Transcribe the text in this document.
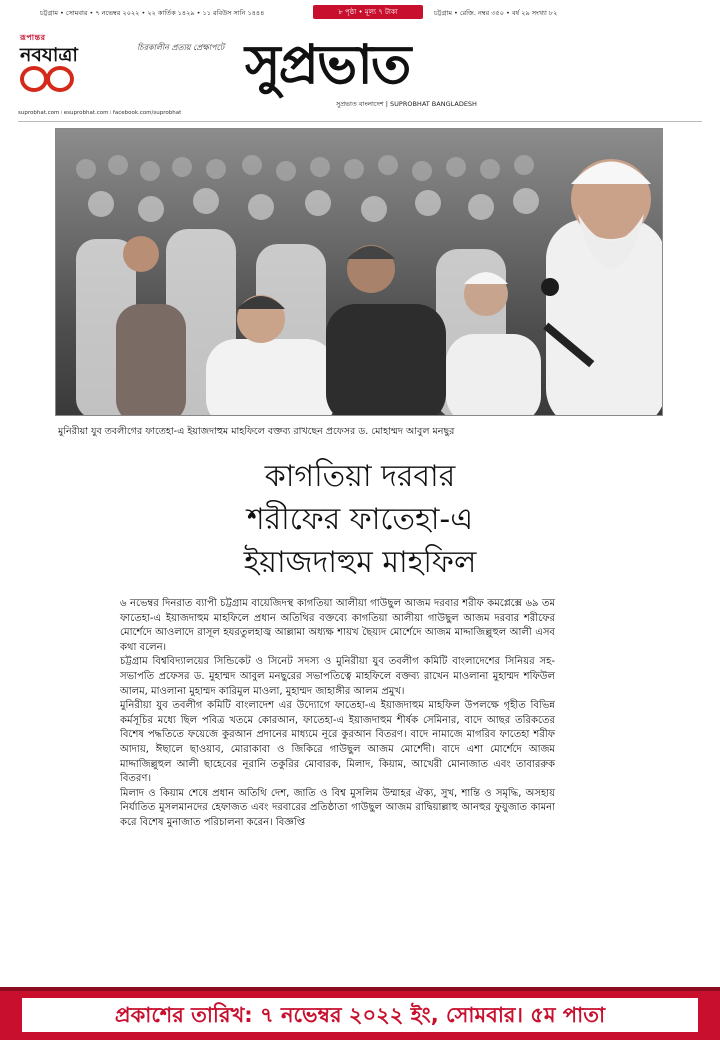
চট্টগ্রাম • সোমবার • ৭ নভেম্বর ২০২২ • ২২ কার্তিক ১৪২৯ • ১১ রবিউস সানি ১৪৪৪	৮ পৃষ্ঠা • মূল্য ৭ টাকা	চট্টগ্রাম • রেজি. নম্বর ৩৫০ • বর্ষ ২৯ সংখ্যা ৮২
রূপান্তর
নবযাত্রা	চিরকালীন প্রত্যয় প্রেক্ষাপটে
suprobhat.com ৷ esuprobhat.com ৷ facebook.com/suprobhat
সুপ্রভাত
সুপ্রভাত বাংলাদেশ | SUPROBHAT BANGLADESH
মুনিরীয়া যুব তবলীগের ফাতেহা-এ ইয়াজদাহুম মাহফিলে বক্তব্য রাখছেন প্রফেসর ড. মোহাম্মদ আবুল মনছুর
কাগতিয়া দরবার
শরীফের ফাতেহা-এ
ইয়াজদাহুম মাহফিল

৬ নভেম্বর দিনরাত ব্যাপী চট্টগ্রাম বায়েজিদস্থ কাগতিয়া আলীয়া গাউছুল আজম দরবার শরীফ কমপ্লেক্সে ৬৯ তম ফাতেহা-এ ইয়াজদাহুম মাহফিলে প্রধান অতিথির বক্তব্যে কাগতিয়া আলীয়া গাউছুল আজম দরবার শরীফের মোর্শেদে আওলাদে রাসূল হযরতুলহাজ্ব আল্লামা অধ্যক্ষ শায়খ ছৈয়্যদ মোর্শেদে আজম মাদ্দাজিল্লুহুল আলী এসব কথা বলেন।

চট্টগ্রাম বিশ্ববিদ্যালয়ের সিন্ডিকেট ও সিনেট সদস্য ও মুনিরীয়া যুব তবলীগ কমিটি বাংলাদেশের সিনিয়র সহ-সভাপতি প্রফেসর ড. মুহাম্মদ আবুল মনছুরের সভাপতিত্বে মাহফিলে বক্তব্য রাখেন মাওলানা মুহাম্মদ শফিউল আলম, মাওলানা মুহাম্মদ কারিমুল মাওলা, মুহাম্মদ জাহাঙ্গীর আলম প্রমুখ।

মুনিরীয়া যুব তবলীগ কমিটি বাংলাদেশ এর উদ্যোগে ফাতেহা-এ ইয়াজদাহুম মাহফিল উপলক্ষে গৃহীত বিভিন্ন কর্মসূচির মধ্যে ছিল পবিত্র খতমে কোরআন, ফাতেহা-এ ইয়াজদাহুম শীর্ষক সেমিনার, বাদে আছর তরিকতের বিশেষ পদ্ধতিতে ফয়েজে কুরআন প্রদানের মাধ্যমে নূরে কুরআন বিতরণ। বাদে নামাজে মাগরিব ফাতেহা শরীফ আদায়, ঈছালে ছাওয়াব, মোরাকাবা ও জিকিরে গাউছুল আজম মোর্শেদী। বাদে এশা মোর্শেদে আজম মাদ্দাজিল্লুহুল আলী ছাহেবের নূরানি তকুরির মোবারক, মিলাদ, কিয়াম, আখেরী মোনাজাত এবং তাবাররুক বিতরণ।

মিলাদ ও কিয়াম শেষে প্রধান অতিথি দেশ, জাতি ও বিশ্ব মুসলিম উম্মাহর ঐক্য, সুখ, শান্তি ও সমৃদ্ধি, অসহায় নির্যাতিত মুসলমানদের হেফাজত এবং দরবারের প্রতিষ্ঠাতা গাউছুল আজম রাদ্বিয়াল্লাহু আনহুর ফুয়ুজাত কামনা করে বিশেষ মুনাজাত পরিচালনা করেন। বিজ্ঞপ্তি

প্রকাশের তারিখ: ৭ নভেম্বর ২০২২ ইং, সোমবার। ৫ম পাতা
